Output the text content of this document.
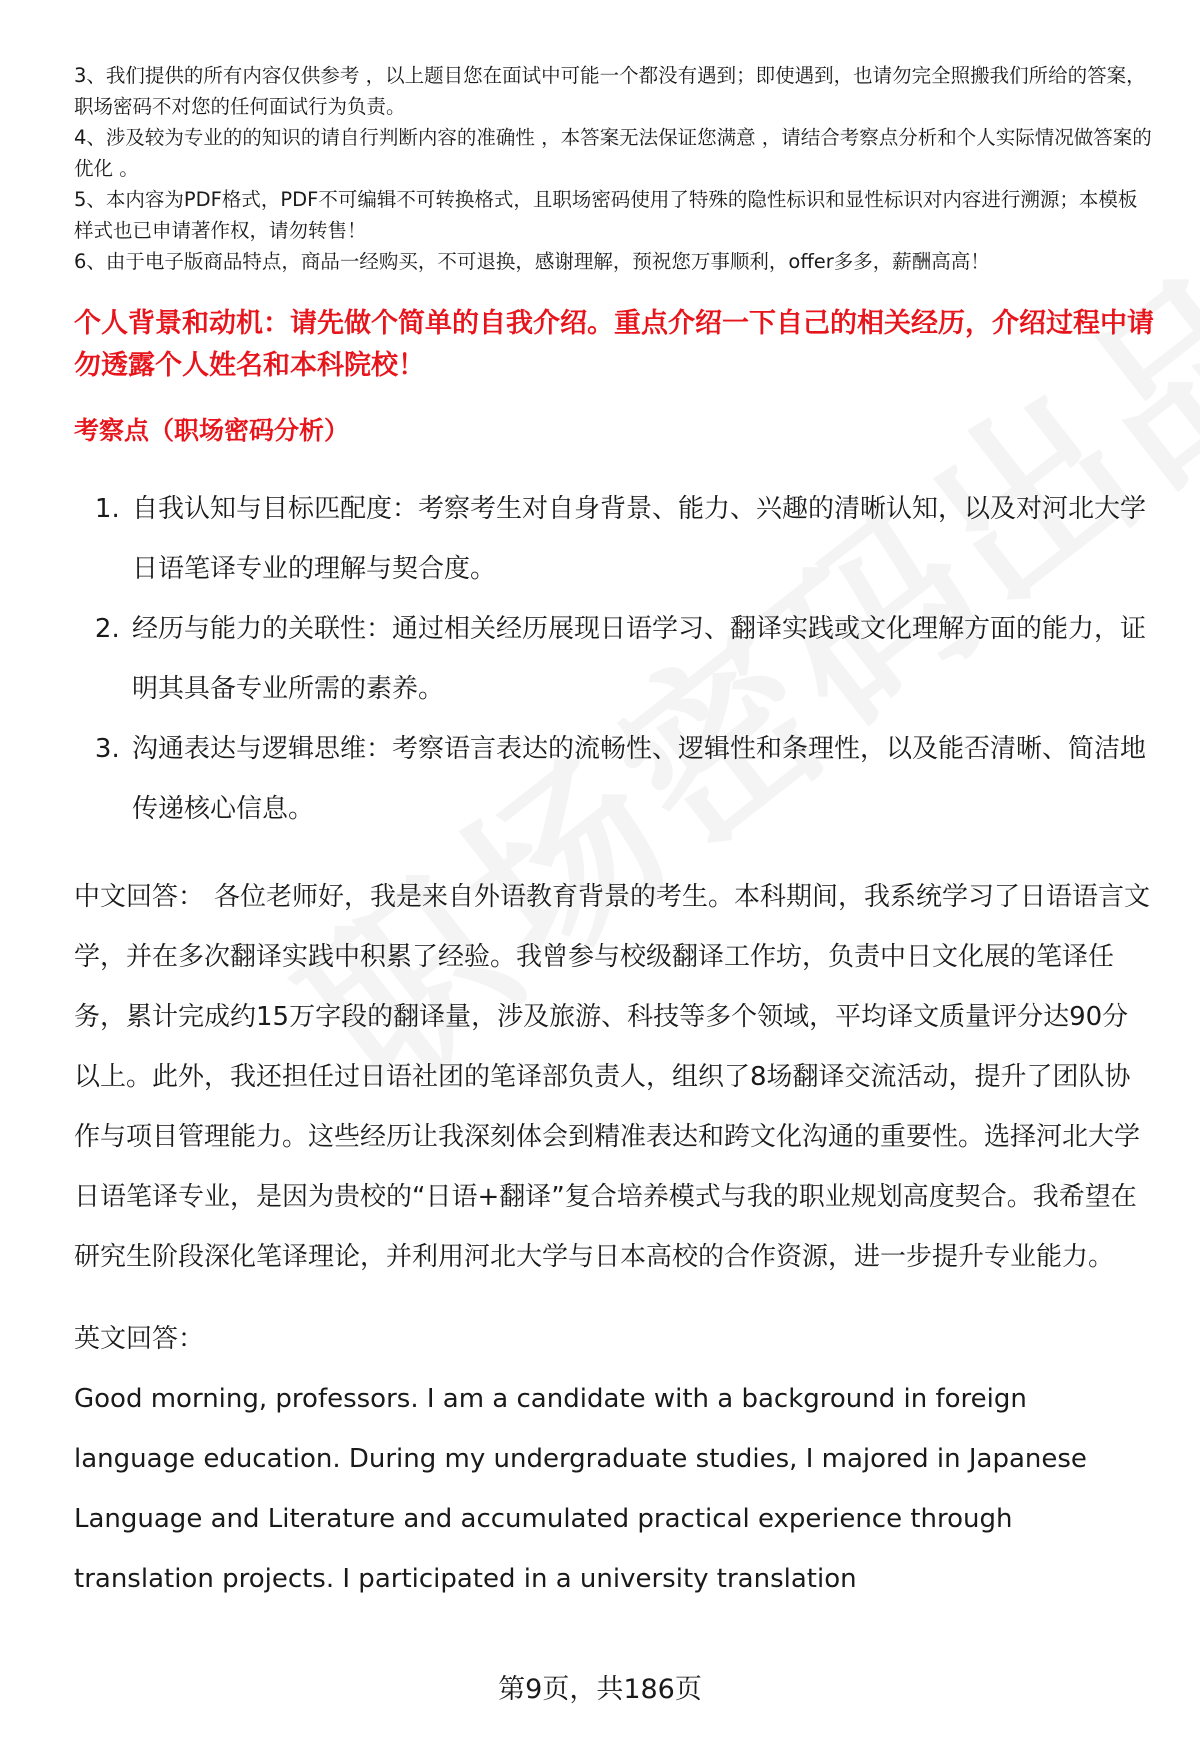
3、我们提供的所有内容仅供参考 ，以上题目您在面试中可能一个都没有遇到；即使遇到，也请勿完全照搬我们所给的答案，职场密码不对您的任何面试行为负责。

4、涉及较为专业的的知识的请自行判断内容的准确性 ，本答案无法保证您满意 ，请结合考察点分析和个人实际情况做答案的优化 。

5、本内容为PDF格式，PDF不可编辑不可转换格式，且职场密码使用了特殊的隐性标识和显性标识对内容进行溯源；本模板样式也已申请著作权，请勿转售！

6、由于电子版商品特点，商品一经购买，不可退换，感谢理解，预祝您万事顺利，offer多多，薪酬高高！

个人背景和动机：请先做个简单的自我介绍。重点介绍一下自己的相关经历，介绍过程中请勿透露个人姓名和本科院校！
考察点（职场密码分析）
1. 自我认知与目标匹配度：考察考生对自身背景、能力、兴趣的清晰认知，以及对河北大学日语笔译专业的理解与契合度。
2. 经历与能力的关联性：通过相关经历展现日语学习、翻译实践或文化理解方面的能力，证明其具备专业所需的素养。
3. 沟通表达与逻辑思维：考察语言表达的流畅性、逻辑性和条理性，以及能否清晰、简洁地传递核心信息。

中文回答： 各位老师好，我是来自外语教育背景的考生。本科期间，我系统学习了日语语言文学，并在多次翻译实践中积累了经验。我曾参与校级翻译工作坊，负责中日文化展的笔译任务，累计完成约15万字段的翻译量，涉及旅游、科技等多个领域，平均译文质量评分达90分以上。此外，我还担任过日语社团的笔译部负责人，组织了8场翻译交流活动，提升了团队协作与项目管理能力。这些经历让我深刻体会到精准表达和跨文化沟通的重要性。选择河北大学日语笔译专业，是因为贵校的“日语+翻译”复合培养模式与我的职业规划高度契合。我希望在研究生阶段深化笔译理论，并利用河北大学与日本高校的合作资源，进一步提升专业能力。

英文回答：

Good morning, professors. I am a candidate with a background in foreign language education. During my undergraduate studies, I majored in Japanese Language and Literature and accumulated practical experience through translation projects. I participated in a university translation

第9页，共186页
